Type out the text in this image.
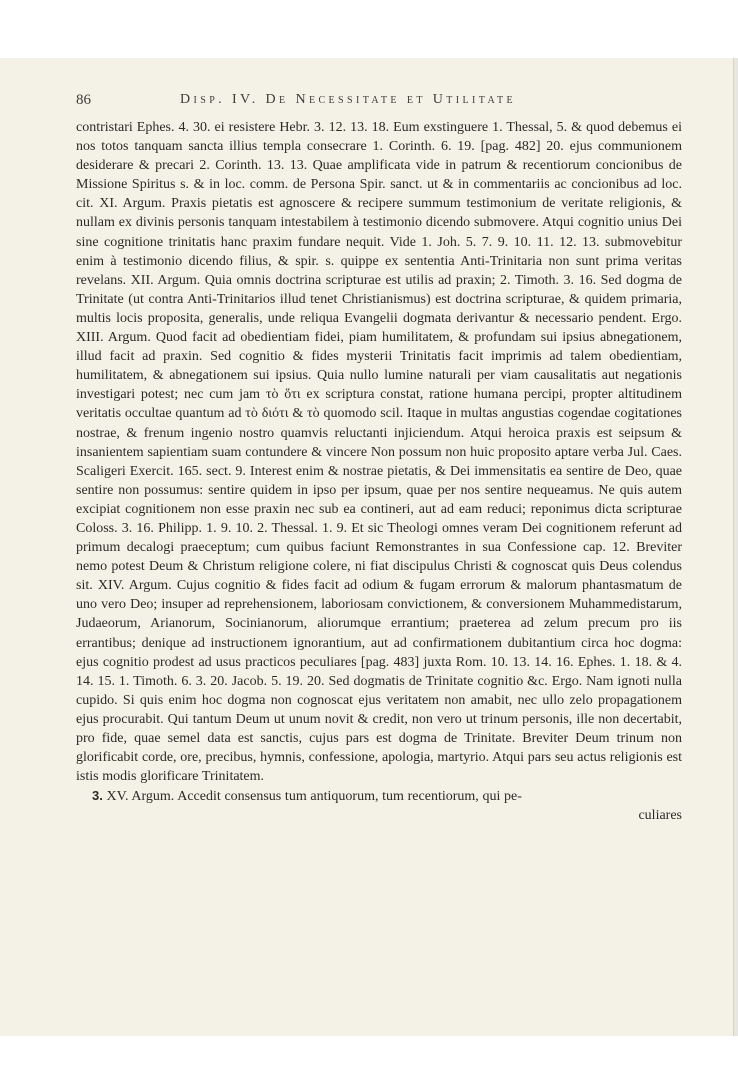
86	Disp. IV. De Necessitate et Utilitate

contristari Ephes. 4. 30. ei resistere Hebr. 3. 12. 13. 18. Eum exstinguere 1. Thessal, 5. & quod debemus ei nos totos tanquam sancta illius templa consecrare 1. Corinth. 6. 19. [pag. 482] 20. ejus communionem desiderare & precari 2. Corinth. 13. 13. Quae amplificata vide in patrum & recentiorum concionibus de Missione Spiritus s. & in loc. comm. de Persona Spir. sanct. ut & in commentariis ac concionibus ad loc. cit. XI. Argum. Praxis pietatis est agnoscere & recipere summum testimonium de veritate religionis, & nullam ex divinis personis tanquam intestabilem à testimonio dicendo submovere. Atqui cognitio unius Dei sine cognitione trinitatis hanc praxim fundare nequit. Vide 1. Joh. 5. 7. 9. 10. 11. 12. 13. submovebitur enim à testimonio dicendo filius, & spir. s. quippe ex sententia Anti-Trinitaria non sunt prima veritas revelans. XII. Argum. Quia omnis doctrina scripturae est utilis ad praxin; 2. Timoth. 3. 16. Sed dogma de Trinitate (ut contra Anti-Trinitarios illud tenet Christianismus) est doctrina scripturae, & quidem primaria, multis locis proposita, generalis, unde reliqua Evangelii dogmata derivantur & necessario pendent. Ergo. XIII. Argum. Quod facit ad obedientiam fidei, piam humilitatem, & profundam sui ipsius abnegationem, illud facit ad praxin. Sed cognitio & fides mysterii Trinitatis facit imprimis ad talem obedientiam, humilitatem, & abnegationem sui ipsius. Quia nullo lumine naturali per viam causalitatis aut negationis investigari potest; nec cum jam τὸ ὅτι ex scriptura constat, ratione humana percipi, propter altitudinem veritatis occultae quantum ad τὸ διότι & τὸ quomodo scil. Itaque in multas angustias cogendae cogitationes nostrae, & frenum ingenio nostro quamvis reluctanti injiciendum. Atqui heroica praxis est seipsum & insanientem sapientiam suam contundere & vincere Non possum non huic proposito aptare verba Jul. Caes. Scaligeri Exercit. 165. sect. 9. Interest enim & nostrae pietatis, & Dei immensitatis ea sentire de Deo, quae sentire non possumus: sentire quidem in ipso per ipsum, quae per nos sentire nequeamus. Ne quis autem excipiat cognitionem non esse praxin nec sub ea contineri, aut ad eam reduci; reponimus dicta scripturae Coloss. 3. 16. Philipp. 1. 9. 10. 2. Thessal. 1. 9. Et sic Theologi omnes veram Dei cognitionem referunt ad primum decalogi praeceptum; cum quibus faciunt Remonstrantes in sua Confessione cap. 12. Breviter nemo potest Deum & Christum religione colere, ni fiat discipulus Christi & cognoscat quis Deus colendus sit. XIV. Argum. Cujus cognitio & fides facit ad odium & fugam errorum & malorum phantasmatum de uno vero Deo; insuper ad reprehensionem, laboriosam convictionem, & conversionem Muhammedistarum, Judaeorum, Arianorum, Socinianorum, aliorumque errantium; praeterea ad zelum precum pro iis errantibus; denique ad instructionem ignorantium, aut ad confirmationem dubitantium circa hoc dogma: ejus cognitio prodest ad usus practicos peculiares [pag. 483] juxta Rom. 10. 13. 14. 16. Ephes. 1. 18. & 4. 14. 15. 1. Timoth. 6. 3. 20. Jacob. 5. 19. 20. Sed dogmatis de Trinitate cognitio &c. Ergo. Nam ignoti nulla cupido. Si quis enim hoc dogma non cognoscat ejus veritatem non amabit, nec ullo zelo propagationem ejus procurabit. Qui tantum Deum ut unum novit & credit, non vero ut trinum personis, ille non decertabit, pro fide, quae semel data est sanctis, cujus pars est dogma de Trinitate. Breviter Deum trinum non glorificabit corde, ore, precibus, hymnis, confessione, apologia, martyrio. Atqui pars seu actus religionis est istis modis glorificare Trinitatem.

3. XV. Argum. Accedit consensus tum antiquorum, tum recentiorum, qui pe-
culiares
